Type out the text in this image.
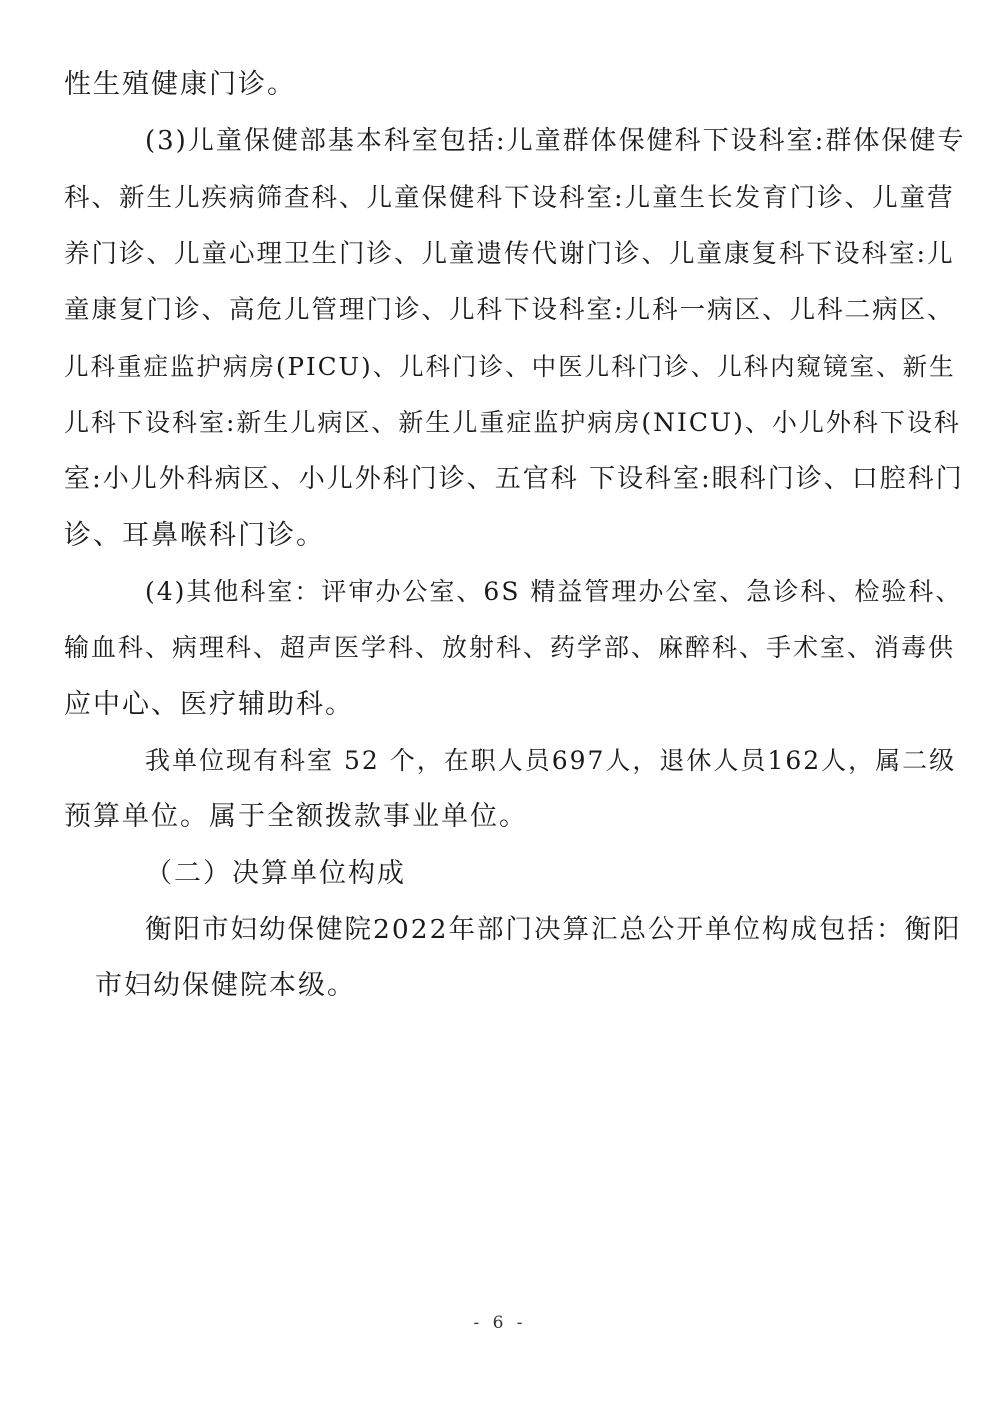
性生殖健康门诊。
(3)儿童保健部基本科室包括:儿童群体保健科下设科室:群体保健专
科、新生儿疾病筛查科、儿童保健科下设科室:儿童生长发育门诊、儿童营
养门诊、儿童心理卫生门诊、儿童遗传代谢门诊、儿童康复科下设科室:儿
童康复门诊、高危儿管理门诊、儿科下设科室:儿科一病区、儿科二病区、
儿科重症监护病房(PICU)、儿科门诊、中医儿科门诊、儿科内窥镜室、新生
儿科下设科室:新生儿病区、新生儿重症监护病房(NICU)、小儿外科下设科
室:小儿外科病区、小儿外科门诊、五官科 下设科室:眼科门诊、口腔科门
诊、耳鼻喉科门诊。
(4)其他科室：评审办公室、6S 精益管理办公室、急诊科、检验科、
输血科、病理科、超声医学科、放射科、药学部、麻醉科、手术室、消毒供
应中心、医疗辅助科。
我单位现有科室 52 个，在职人员697人，退休人员162人，属二级
预算单位。属于全额拨款事业单位。
（二）决算单位构成
衡阳市妇幼保健院2022年部门决算汇总公开单位构成包括：衡阳
市妇幼保健院本级。
- 6 -
